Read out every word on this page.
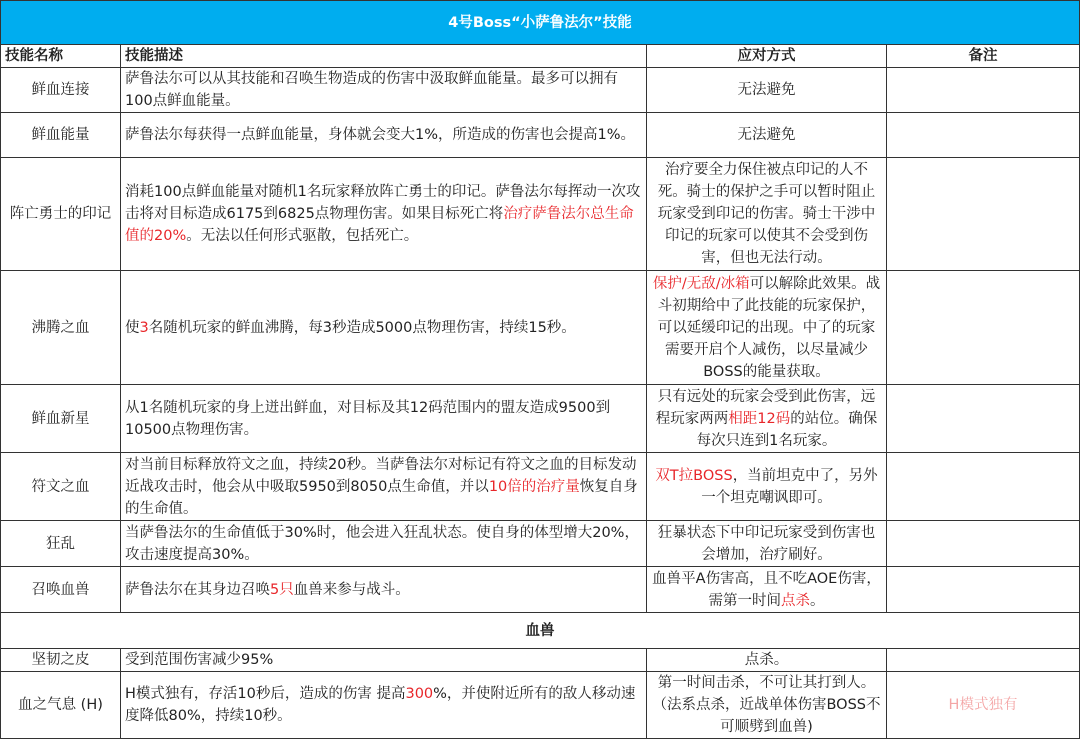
4号Boss“小萨鲁法尔”技能			
技能名称	技能描述	应对方式	备注
鲜血连接	萨鲁法尔可以从其技能和召唤生物造成的伤害中汲取鲜血能量。最多可以拥有100点鲜血能量。	无法避免	
鲜血能量	萨鲁法尔每获得一点鲜血能量，身体就会变大1%，所造成的伤害也会提高1%。	无法避免	
阵亡勇士的印记	消耗100点鲜血能量对随机1名玩家释放阵亡勇士的印记。萨鲁法尔每挥动一次攻击将对目标造成6175到6825点物理伤害。如果目标死亡将治疗萨鲁法尔总生命值的20%。无法以任何形式驱散，包括死亡。	治疗要全力保住被点印记的人不死。骑士的保护之手可以暂时阻止玩家受到印记的伤害。骑士干涉中印记的玩家可以使其不会受到伤害，但也无法行动。	
沸腾之血	使3名随机玩家的鲜血沸腾，每3秒造成5000点物理伤害，持续15秒。	保护/无敌/冰箱可以解除此效果。战斗初期给中了此技能的玩家保护，可以延缓印记的出现。中了的玩家需要开启个人减伤，以尽量减少BOSS的能量获取。	
鲜血新星	从1名随机玩家的身上迸出鲜血，对目标及其12码范围内的盟友造成9500到10500点物理伤害。	只有远处的玩家会受到此伤害，远程玩家两两相距12码的站位。确保每次只连到1名玩家。	
符文之血	对当前目标释放符文之血，持续20秒。当萨鲁法尔对标记有符文之血的目标发动近战攻击时，他会从中吸取5950到8050点生命值，并以10倍的治疗量恢复自身的生命值。	双T拉BOSS，当前坦克中了，另外一个坦克嘲讽即可。	
狂乱	当萨鲁法尔的生命值低于30%时，他会进入狂乱状态。使自身的体型增大20%，攻击速度提高30%。	狂暴状态下中印记玩家受到伤害也会增加，治疗刷好。	
召唤血兽	萨鲁法尔在其身边召唤5只血兽来参与战斗。	血兽平A伤害高，且不吃AOE伤害，需第一时间点杀。	
血兽			
坚韧之皮	受到范围伤害减少95%	点杀。	
血之气息 (H)	H模式独有，存活10秒后，造成的伤害 提高300%，并使附近所有的敌人移动速度降低80%，持续10秒。	第一时间击杀，不可让其打到人。（法系点杀，近战单体伤害BOSS不可顺劈到血兽)	H模式独有
